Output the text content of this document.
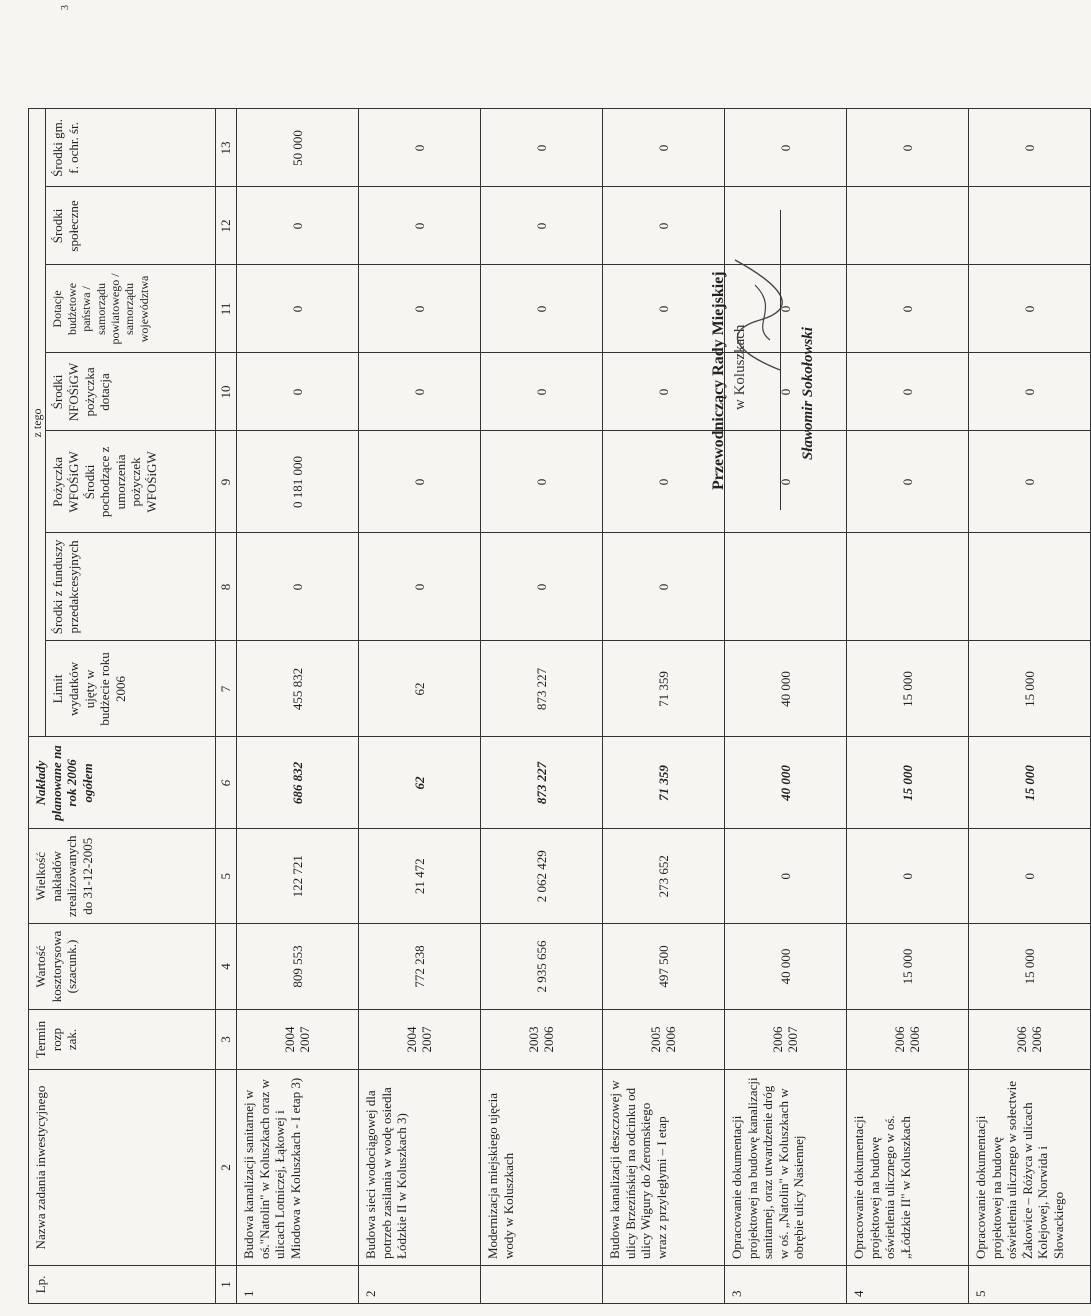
Lp.	Nazwa zadania inwestycyjnego	Termin rozp zak.	Wartość kosztorysowa (szacunk.)	Wielkość nakładów zrealizowanych do 31-12-2005	Nakłady planowane na rok 2006 ogółem	z tego						
						Limit wydatków ujęty w budżecie roku 2006	Środki z funduszy przedakcesyjnych	Pożyczka WFOŚiGW Środki pochodzące z umorzenia pożyczek WFOŚiGW	Środki NFOŚiGW pożyczka dotacja	Dotacje budżetowe państwa / samorządu powiatowego / samorządu województwa	Środki społeczne	Środki gm. f. ochr. śr.
1	2	3	4	5	6	7	8	9	10	11	12	13
1	Budowa kanalizacji sanitarnej w oś."Natolin" w Koluszkach oraz w ulicach Lotniczej, Łąkowej i Miodowa w Koluszkach - I etap 3)	2004 2007	809 553	122 721	686 832	455 832	0	0 181 000	0	0	0	50 000
2	Budowa sieci wodociągowej dla potrzeb zasilania w wodę osiedla Łódzkie II w Koluszkach 3)	2004 2007	772 238	21 472	62	62	0	0	0	0	0	0
	Modernizacja miejskiego ujęcia wody w Koluszkach	2003 2006	2 935 656	2 062 429	873 227	873 227	0	0	0	0	0	0
	Budowa kanalizacji deszczowej w ulicy Brzezińskiej na odcinku od ulicy Wigury do Żeromskiego wraz z przyległymi – I etap	2005 2006	497 500	273 652	71 359	71 359	0	0	0	0	0	0
3	Opracowanie dokumentacji projektowej na budowę kanalizacji sanitarnej, oraz utwardzenie dróg w oś. „Natolin" w Koluszkach w obrębie ulicy Nasiennej	2006 2007	40 000	0	40 000	40 000		0	0	0		0
4	Opracowanie dokumentacji projektowej na budowę oświetlenia ulicznego w oś. „Łódzkie II" w Koluszkach	2006 2006	15 000	0	15 000	15 000		0	0	0		0
5	Opracowanie dokumentacji projektowej na budowę oświetlenia ulicznego w sołectwie Żakowice – Różyca w ulicach Kolejowej, Norwida i Słowackiego	2006 2006	15 000	0	15 000	15 000		0	0	0		0
Przewodniczący Rady Miejskiej w Koluszkach	Sławomir Sokołowski
3
